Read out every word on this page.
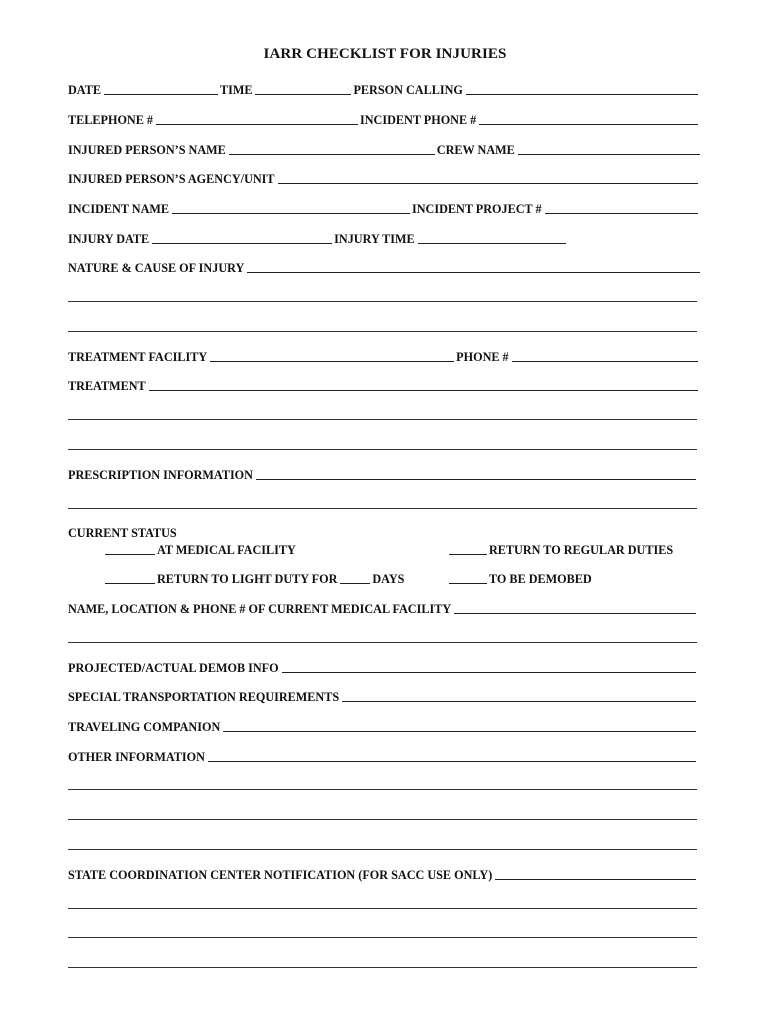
IARR CHECKLIST FOR INJURIES
DATE	TIME	PERSON CALLING
TELEPHONE #	INCIDENT PHONE #
INJURED PERSON’S NAME	CREW NAME
INJURED PERSON’S AGENCY/UNIT
INCIDENT NAME	INCIDENT PROJECT #
INJURY DATE	INJURY TIME
NATURE & CAUSE OF INJURY
TREATMENT FACILITY	PHONE #
TREATMENT
PRESCRIPTION INFORMATION
CURRENT STATUS
AT MEDICAL FACILITY	RETURN TO REGULAR DUTIES
RETURN TO LIGHT DUTY FOR	DAYS	TO BE DEMOBED
NAME, LOCATION & PHONE # OF CURRENT MEDICAL FACILITY
PROJECTED/ACTUAL DEMOB INFO
SPECIAL TRANSPORTATION REQUIREMENTS
TRAVELING COMPANION
OTHER INFORMATION
STATE COORDINATION CENTER NOTIFICATION (FOR SACC USE ONLY)
